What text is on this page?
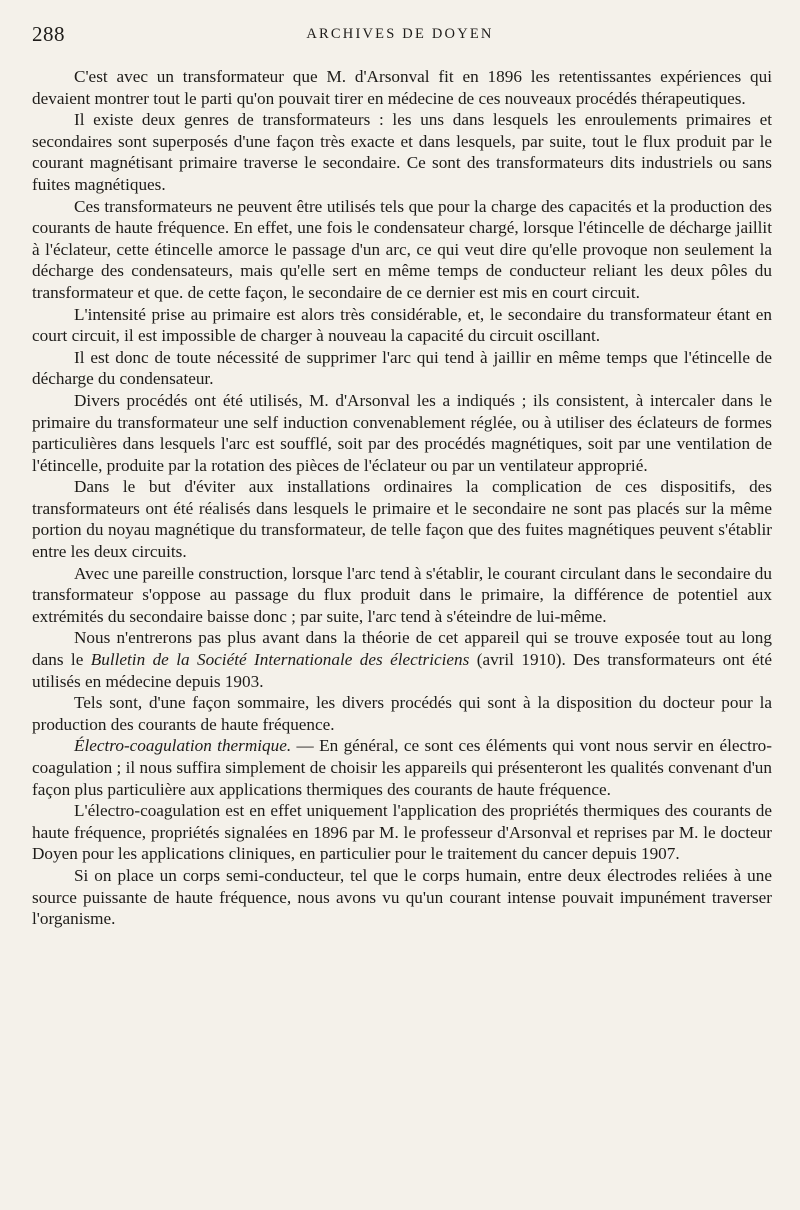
288	ARCHIVES DE DOYEN

C'est avec un transformateur que M. d'Arsonval fit en 1896 les retentissantes expériences qui devaient montrer tout le parti qu'on pouvait tirer en médecine de ces nouveaux procédés thérapeutiques.

Il existe deux genres de transformateurs : les uns dans lesquels les enroulements primaires et secondaires sont superposés d'une façon très exacte et dans lesquels, par suite, tout le flux produit par le courant magnétisant primaire traverse le secondaire. Ce sont des transformateurs dits industriels ou sans fuites magnétiques.

Ces transformateurs ne peuvent être utilisés tels que pour la charge des capacités et la production des courants de haute fréquence. En effet, une fois le condensateur chargé, lorsque l'étincelle de décharge jaillit à l'éclateur, cette étincelle amorce le passage d'un arc, ce qui veut dire qu'elle provoque non seulement la décharge des condensateurs, mais qu'elle sert en même temps de conducteur reliant les deux pôles du transformateur et que. de cette façon, le secondaire de ce dernier est mis en court circuit.

L'intensité prise au primaire est alors très considérable, et, le secondaire du transformateur étant en court circuit, il est impossible de charger à nouveau la capacité du circuit oscillant.

Il est donc de toute nécessité de supprimer l'arc qui tend à jaillir en même temps que l'étincelle de décharge du condensateur.

Divers procédés ont été utilisés, M. d'Arsonval les a indiqués ; ils consistent, à intercaler dans le primaire du transformateur une self induction convenablement réglée, ou à utiliser des éclateurs de formes particulières dans lesquels l'arc est soufflé, soit par des procédés magnétiques, soit par une ventilation de l'étincelle, produite par la rotation des pièces de l'éclateur ou par un ventilateur approprié.

Dans le but d'éviter aux installations ordinaires la complication de ces dispositifs, des transformateurs ont été réalisés dans lesquels le primaire et le secondaire ne sont pas placés sur la même portion du noyau magnétique du transformateur, de telle façon que des fuites magnétiques peuvent s'établir entre les deux circuits.

Avec une pareille construction, lorsque l'arc tend à s'établir, le courant circulant dans le secondaire du transformateur s'oppose au passage du flux produit dans le primaire, la différence de potentiel aux extrémités du secondaire baisse donc ; par suite, l'arc tend à s'éteindre de lui-même.

Nous n'entrerons pas plus avant dans la théorie de cet appareil qui se trouve exposée tout au long dans le Bulletin de la Société Internationale des électriciens (avril 1910). Des transformateurs ont été utilisés en médecine depuis 1903.

Tels sont, d'une façon sommaire, les divers procédés qui sont à la disposition du docteur pour la production des courants de haute fréquence.

Électro-coagulation thermique. — En général, ce sont ces éléments qui vont nous servir en électro-coagulation ; il nous suffira simplement de choisir les appareils qui présenteront les qualités convenant d'un façon plus particulière aux applications thermiques des courants de haute fréquence.

L'électro-coagulation est en effet uniquement l'application des propriétés thermiques des courants de haute fréquence, propriétés signalées en 1896 par M. le professeur d'Arsonval et reprises par M. le docteur Doyen pour les applications cliniques, en particulier pour le traitement du cancer depuis 1907.

Si on place un corps semi-conducteur, tel que le corps humain, entre deux électrodes reliées à une source puissante de haute fréquence, nous avons vu qu'un courant intense pouvait impunément traverser l'organisme.
